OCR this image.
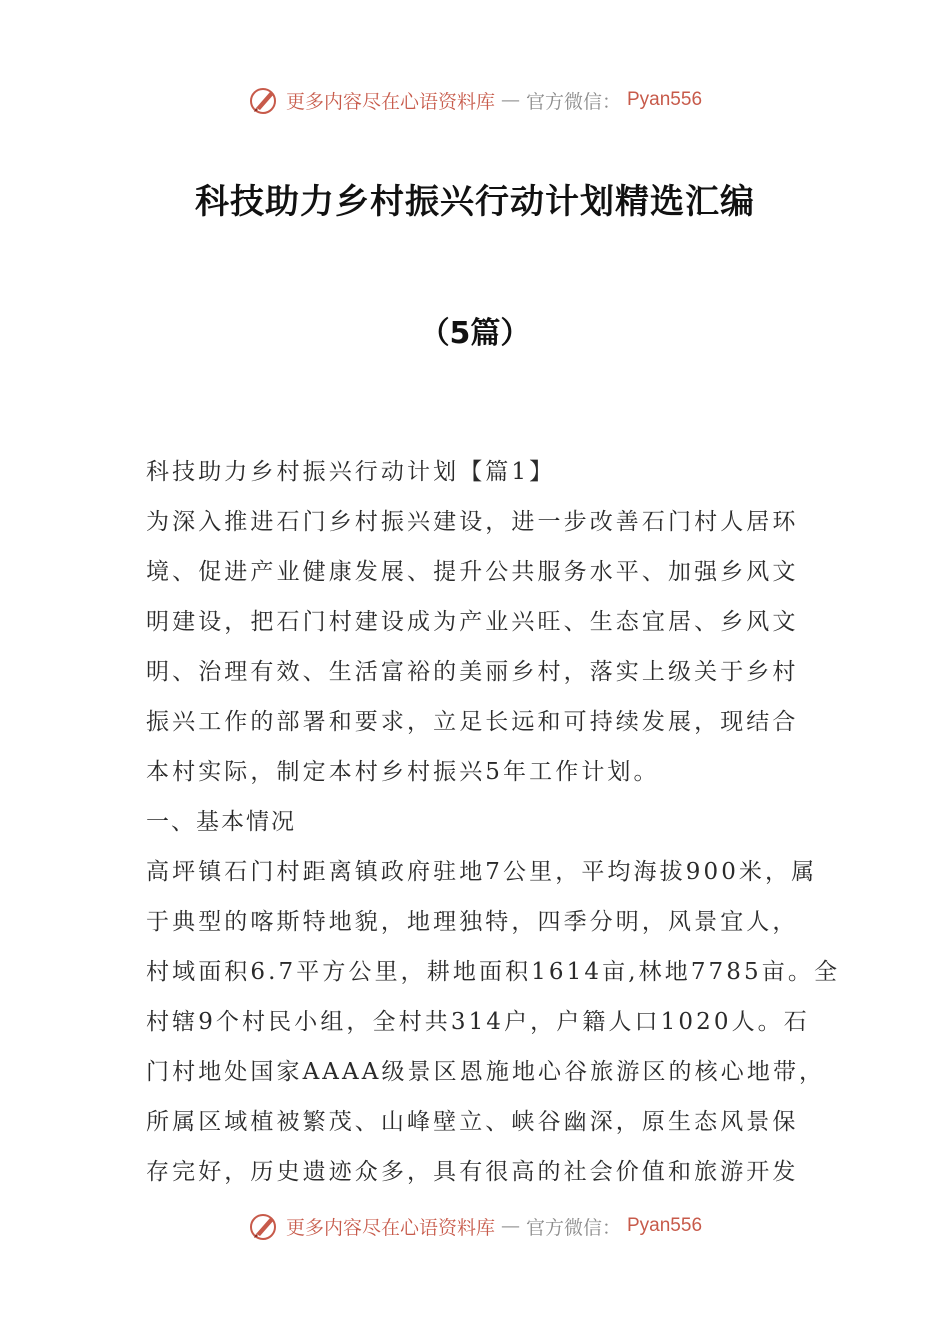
更多内容尽在心语资料库 — 官方微信： Pyan556
科技助力乡村振兴行动计划精选汇编
（5篇）
科技助力乡村振兴行动计划【篇1】
为深入推进石门乡村振兴建设，进一步改善石门村人居环
境、促进产业健康发展、提升公共服务水平、加强乡风文
明建设，把石门村建设成为产业兴旺、生态宜居、乡风文
明、治理有效、生活富裕的美丽乡村，落实上级关于乡村
振兴工作的部署和要求，立足长远和可持续发展，现结合
本村实际，制定本村乡村振兴5年工作计划。
一、基本情况
高坪镇石门村距离镇政府驻地7公里，平均海拔900米，属
于典型的喀斯特地貌，地理独特，四季分明，风景宜人，
村域面积6.7平方公里，耕地面积1614亩,林地7785亩。全
村辖9个村民小组，全村共314户，户籍人口1020人。石
门村地处国家AAAA级景区恩施地心谷旅游区的核心地带，
所属区域植被繁茂、山峰壁立、峡谷幽深，原生态风景保
存完好，历史遗迹众多，具有很高的社会价值和旅游开发
更多内容尽在心语资料库 — 官方微信： Pyan556
